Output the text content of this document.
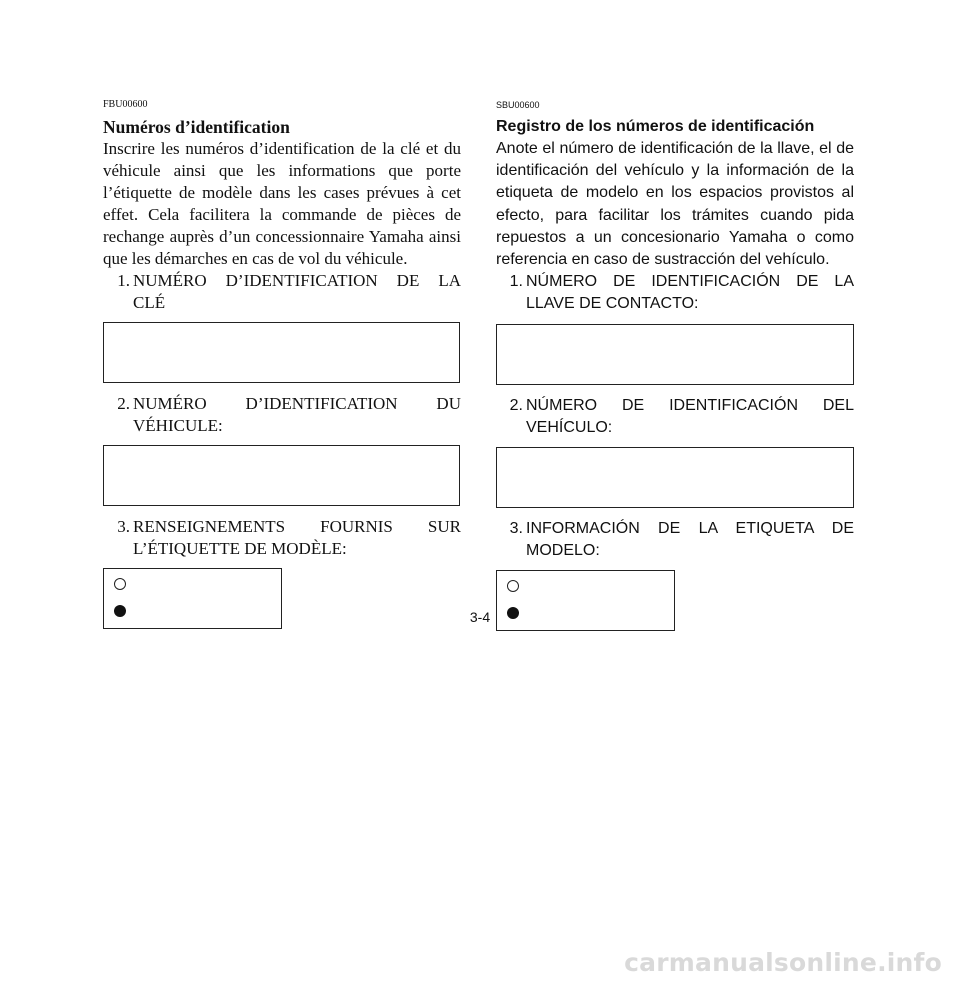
FBU00600

Numéros d’identification

Inscrire les numéros d’identification de la clé et du véhicule ainsi que les informations que porte l’étiquette de modèle dans les cases prévues à cet effet. Cela facilitera la commande de pièces de rechange auprès d’un concessionnaire Yamaha ainsi que les démarches en cas de vol du véhicule.

1. NUMÉRO D’IDENTIFICATION DE LA
CLÉ
2. NUMÉRO D’IDENTIFICATION DU
VÉHICULE:
3. RENSEIGNEMENTS FOURNIS SUR
L’ÉTIQUETTE DE MODÈLE:

SBU00600

Registro de los números de identificación

Anote el número de identificación de la llave, el de identificación del vehículo y la información de la etiqueta de modelo en los espacios provistos al efecto, para facilitar los trámites cuando pida repuestos a un concesionario Yamaha o como referencia en caso de sustracción del vehículo.

1. NÚMERO DE IDENTIFICACIÓN DE LA
LLAVE DE CONTACTO:
2. NÚMERO DE IDENTIFICACIÓN DEL
VEHÍCULO:
3. INFORMACIÓN DE LA ETIQUETA DE
MODELO:
3-4
carmanualsonline.info
